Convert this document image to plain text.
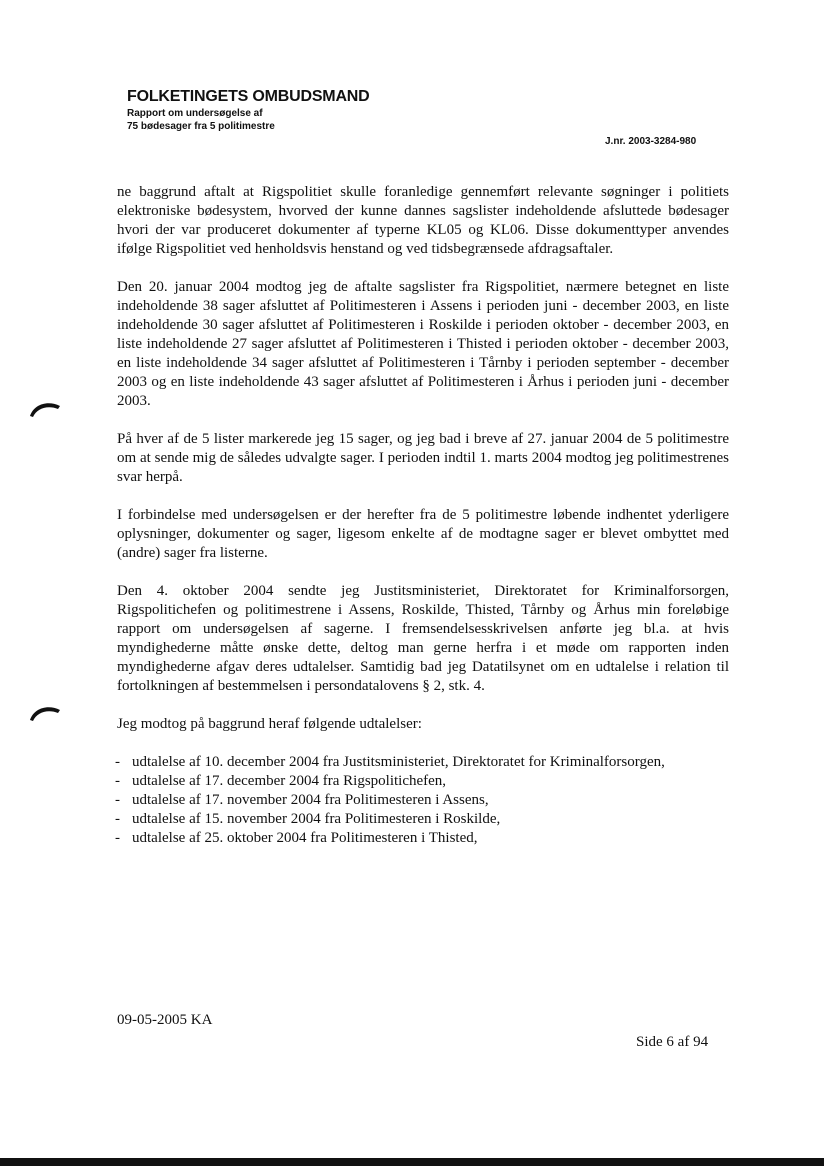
FOLKETINGETS OMBUDSMAND
Rapport om undersøgelse af
75 bødesager fra 5 politimestre
J.nr. 2003-3284-980

ne baggrund aftalt at Rigspolitiet skulle foranledige gennemført relevante søgninger i politiets elektroniske bødesystem, hvorved der kunne dannes sagslister indeholdende afsluttede bødesager hvori der var produceret dokumenter af typerne KL05 og KL06. Disse dokumenttyper anvendes ifølge Rigspolitiet ved henholdsvis henstand og ved tidsbegrænsede afdragsaftaler.

Den 20. januar 2004 modtog jeg de aftalte sagslister fra Rigspolitiet, nærmere betegnet en liste indeholdende 38 sager afsluttet af Politimesteren i Assens i perioden juni - december 2003, en liste indeholdende 30 sager afsluttet af Politimesteren i Roskilde i perioden oktober - december 2003, en liste indeholdende 27 sager afsluttet af Politimesteren i Thisted i perioden oktober - december 2003, en liste indeholdende 34 sager afsluttet af Politimesteren i Tårnby i perioden september - december 2003 og en liste indeholdende 43 sager afsluttet af Politimesteren i Århus i perioden juni - december 2003.

På hver af de 5 lister markerede jeg 15 sager, og jeg bad i breve af 27. januar 2004 de 5 politimestre om at sende mig de således udvalgte sager. I perioden indtil 1. marts 2004 modtog jeg politimestrenes svar herpå.

I forbindelse med undersøgelsen er der herefter fra de 5 politimestre løbende indhentet yderligere oplysninger, dokumenter og sager, ligesom enkelte af de modtagne sager er blevet ombyttet med (andre) sager fra listerne.

Den 4. oktober 2004 sendte jeg Justitsministeriet, Direktoratet for Kriminalforsorgen, Rigspolitichefen og politimestrene i Assens, Roskilde, Thisted, Tårnby og Århus min foreløbige rapport om undersøgelsen af sagerne. I fremsendelsesskrivelsen anførte jeg bl.a. at hvis myndighederne måtte ønske dette, deltog man gerne herfra i et møde om rapporten inden myndighederne afgav deres udtalelser. Samtidig bad jeg Datatilsynet om en udtalelse i relation til fortolkningen af bestemmelsen i persondatalovens § 2, stk. 4.

Jeg modtog på baggrund heraf følgende udtalelser:

- udtalelse af 10. december 2004 fra Justitsministeriet, Direktoratet for Kriminalforsorgen,
- udtalelse af 17. december 2004 fra Rigspolitichefen,
- udtalelse af 17. november 2004 fra Politimesteren i Assens,
- udtalelse af 15. november 2004 fra Politimesteren i Roskilde,
- udtalelse af 25. oktober 2004 fra Politimesteren i Thisted,
09-05-2005 KA
Side 6 af 94
